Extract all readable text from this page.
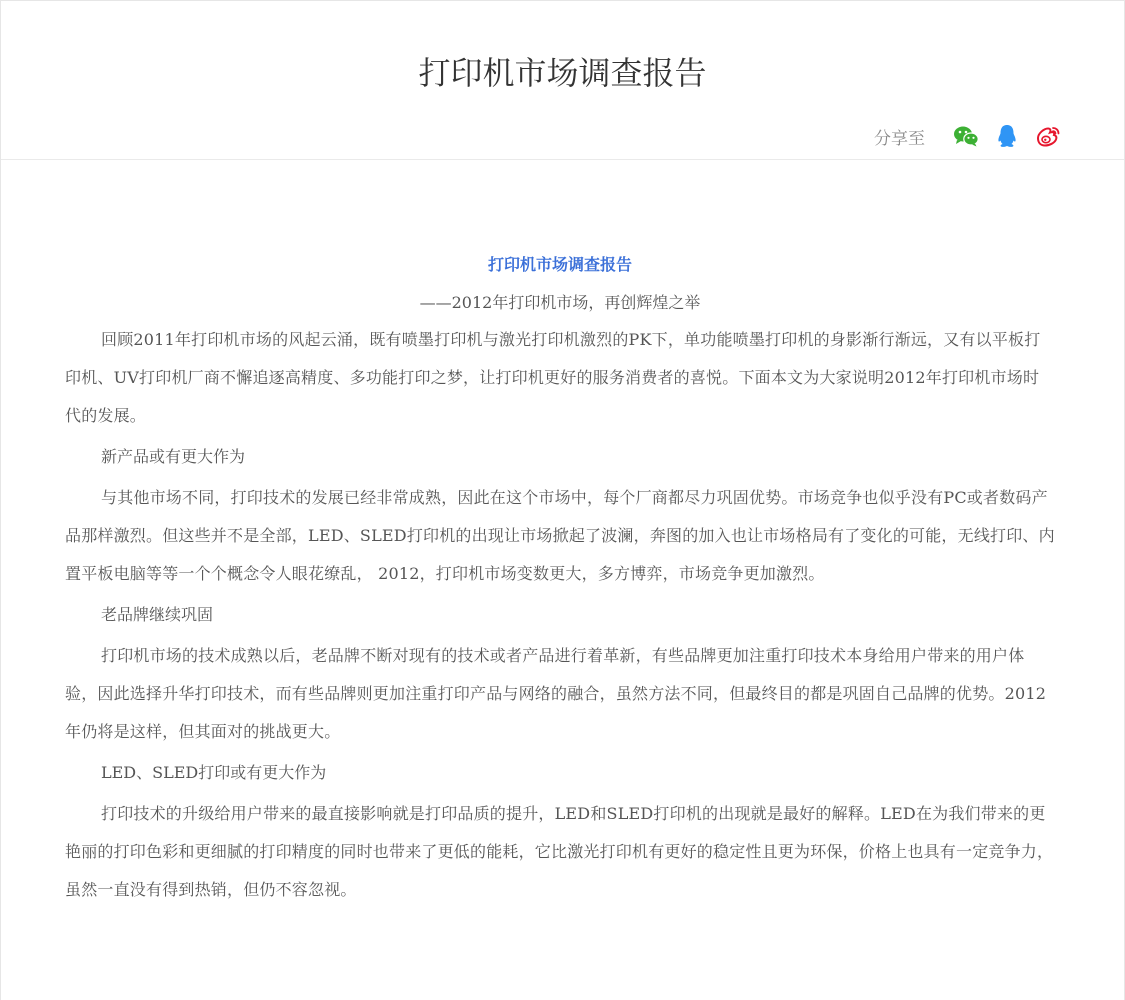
打印机市场调查报告
分享至

打印机市场调查报告

——2012年打印机市场，再创辉煌之举

回顾2011年打印机市场的风起云涌，既有喷墨打印机与激光打印机激烈的PK下，单功能喷墨打印机的身影渐行渐远，又有以平板打印机、UV打印机厂商不懈追逐高精度、多功能打印之梦，让打印机更好的服务消费者的喜悦。下面本文为大家说明2012年打印机市场时代的发展。

新产品或有更大作为

与其他市场不同，打印技术的发展已经非常成熟，因此在这个市场中，每个厂商都尽力巩固优势。市场竞争也似乎没有PC或者数码产品那样激烈。但这些并不是全部，LED、SLED打印机的出现让市场掀起了波澜，奔图的加入也让市场格局有了变化的可能，无线打印、内置平板电脑等等一个个概念令人眼花缭乱， 2012，打印机市场变数更大，多方博弈，市场竞争更加激烈。

老品牌继续巩固

打印机市场的技术成熟以后，老品牌不断对现有的技术或者产品进行着革新，有些品牌更加注重打印技术本身给用户带来的用户体验，因此选择升华打印技术，而有些品牌则更加注重打印产品与网络的融合，虽然方法不同，但最终目的都是巩固自己品牌的优势。2012年仍将是这样，但其面对的挑战更大。

LED、SLED打印或有更大作为

打印技术的升级给用户带来的最直接影响就是打印品质的提升，LED和SLED打印机的出现就是最好的解释。LED在为我们带来的更艳丽的打印色彩和更细腻的打印精度的同时也带来了更低的能耗，它比激光打印机有更好的稳定性且更为环保，价格上也具有一定竞争力，虽然一直没有得到热销，但仍不容忽视。
